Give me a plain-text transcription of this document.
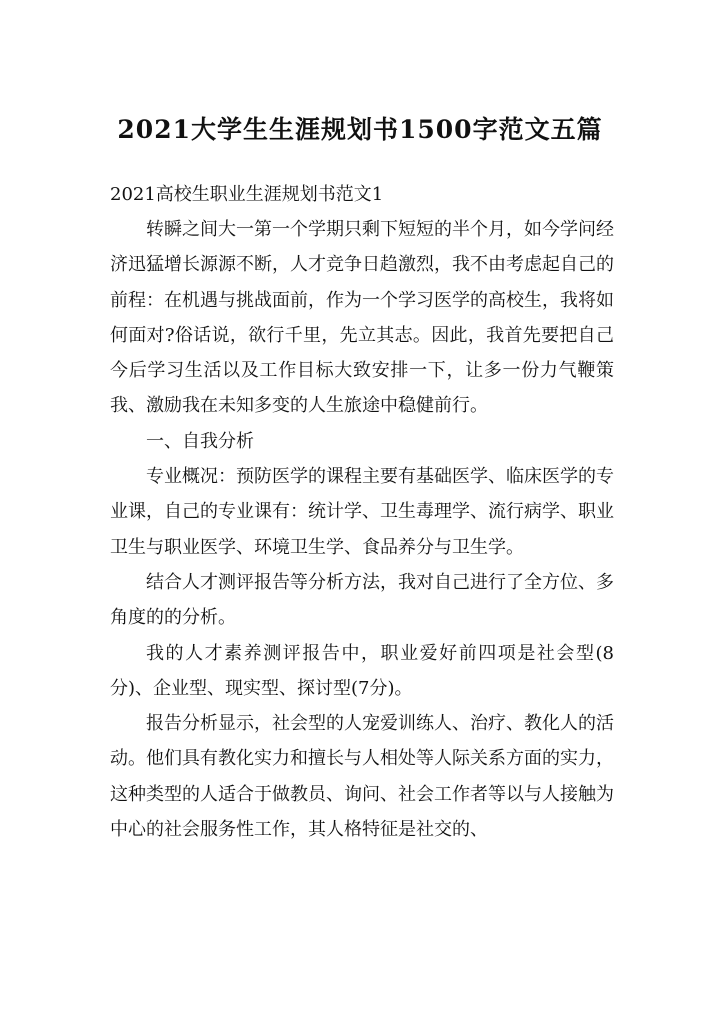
2021大学生生涯规划书1500字范文五篇
2021高校生职业生涯规划书范文1

转瞬之间大一第一个学期只剩下短短的半个月，如今学问经济迅猛增长源源不断，人才竞争日趋激烈，我不由考虑起自己的前程：在机遇与挑战面前，作为一个学习医学的高校生，我将如何面对?俗话说，欲行千里，先立其志。因此，我首先要把自己今后学习生活以及工作目标大致安排一下，让多一份力气鞭策我、激励我在未知多变的人生旅途中稳健前行。

一、自我分析

专业概况：预防医学的课程主要有基础医学、临床医学的专业课，自己的专业课有：统计学、卫生毒理学、流行病学、职业卫生与职业医学、环境卫生学、食品养分与卫生学。

结合人才测评报告等分析方法，我对自己进行了全方位、多角度的的分析。

我的人才素养测评报告中，职业爱好前四项是社会型(8分)、企业型、现实型、探讨型(7分)。

报告分析显示，社会型的人宠爱训练人、治疗、教化人的活动。他们具有教化实力和擅长与人相处等人际关系方面的实力，这种类型的人适合于做教员、询问、社会工作者等以与人接触为中心的社会服务性工作，其人格特征是社交的、
